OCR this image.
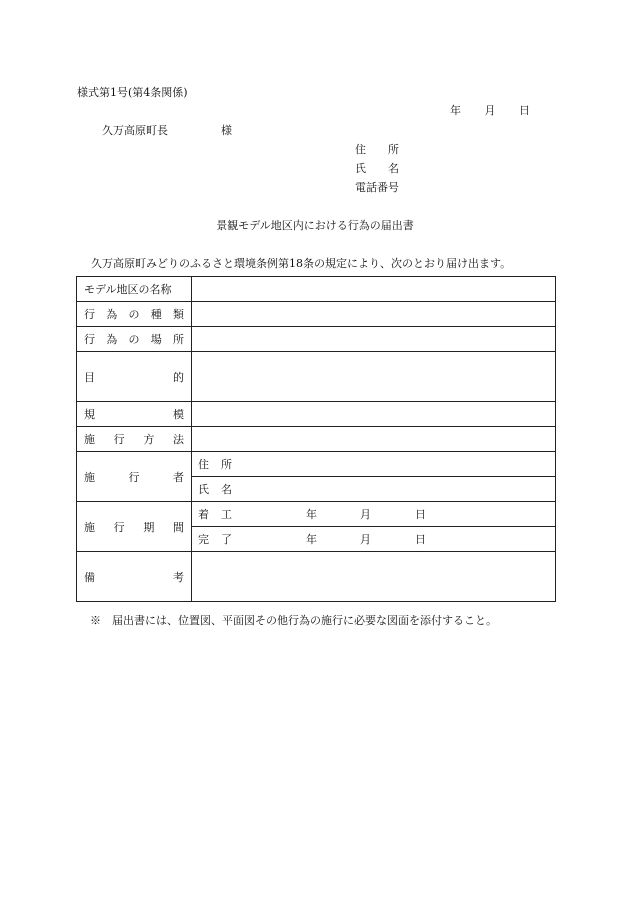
様式第1号(第4条関係)
年 月 日
久万高原町長	様
住　　所
氏　　名
電話番号
景観モデル地区内における行為の届出書
久万高原町みどりのふるさと環境条例第18条の規定により、次のとおり届け出ます。
モデル地区の名称	

行 為 の 種 類	

行 為 の 場 所	

目 的	

規 模	

施 行 方 法	

施 行 者	住 所

	氏 名

施 行 期 間	着 工 年 月 日

	完 了 年 月 日

備 考	

※　届出書には、位置図、平面図その他行為の施行に必要な図面を添付すること。
